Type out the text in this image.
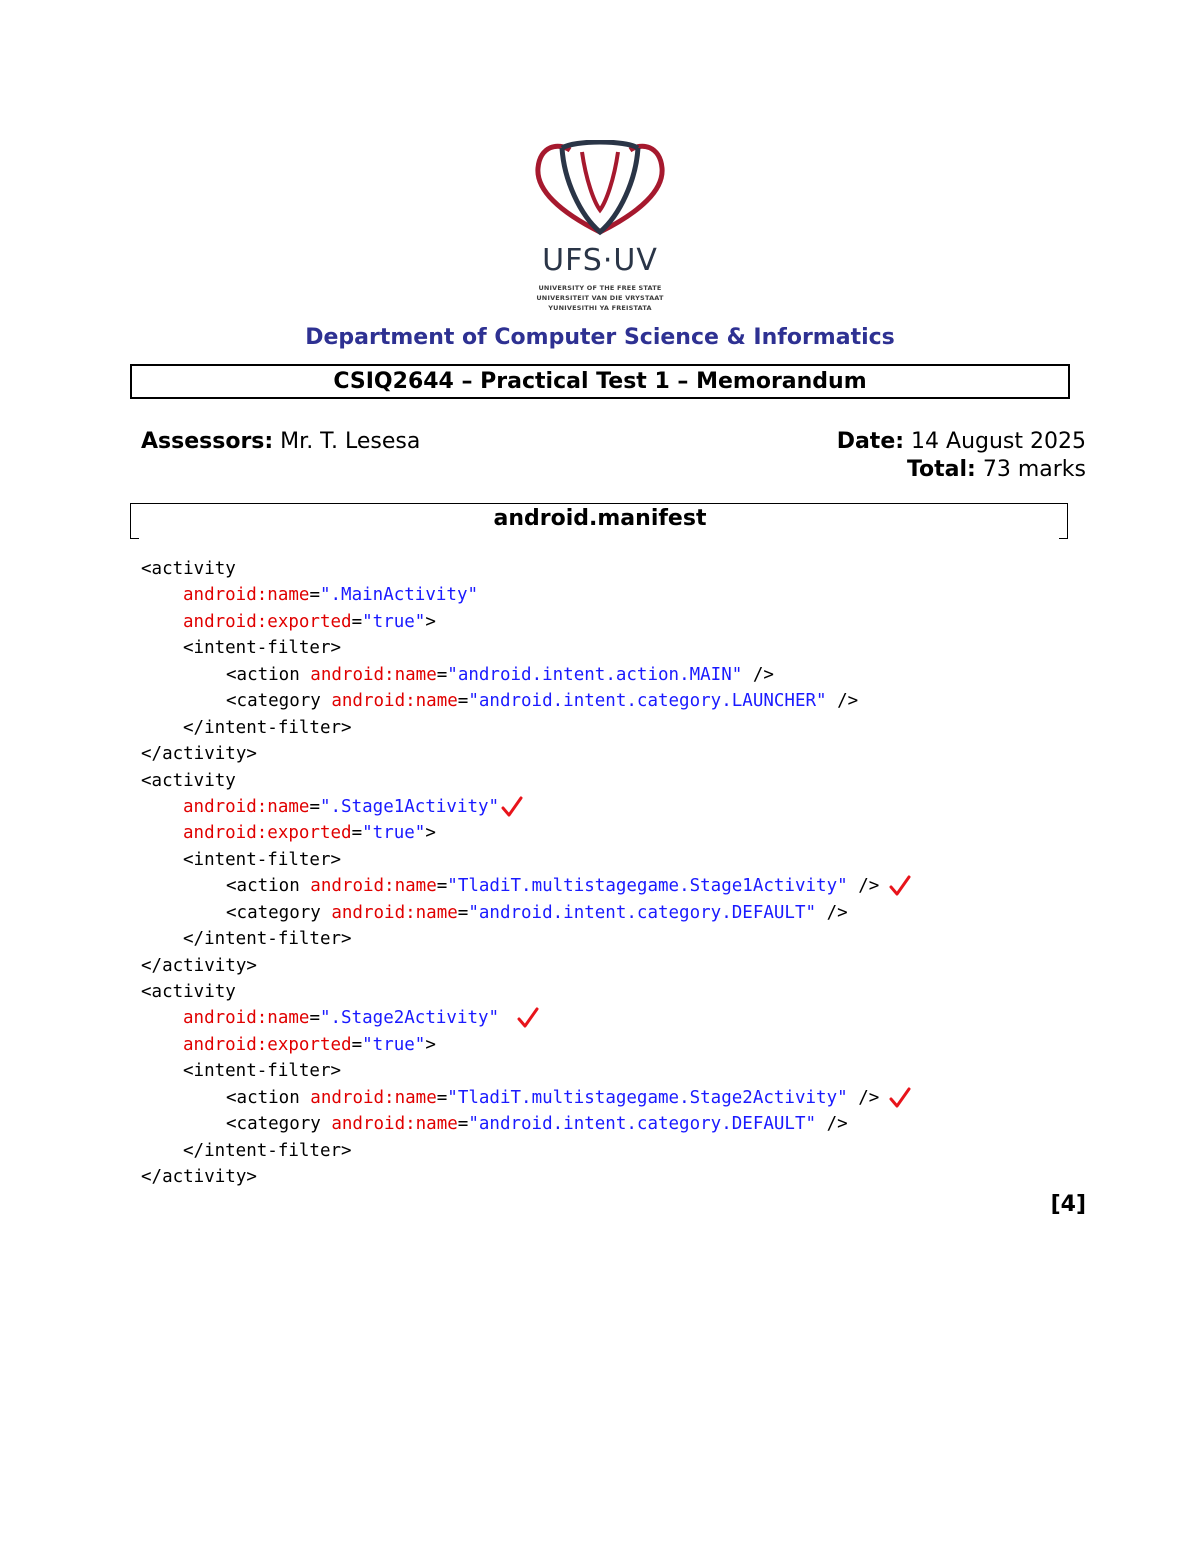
UFS·UV
UNIVERSITY OF THE FREE STATE
UNIVERSITEIT VAN DIE VRYSTAAT
YUNIVESITHI YA FREISTATA
Department of Computer Science & Informatics
CSIQ2644 – Practical Test 1 – Memorandum
Assessors: Mr. T. Lesesa	Date: 14 August 2025
Total: 73 marks
android.manifest
<activity
android:name=".MainActivity"
android:exported="true">
<intent-filter>
<action android:name="android.intent.action.MAIN" />
<category android:name="android.intent.category.LAUNCHER" />
</intent-filter>
</activity>
<activity
android:name=".Stage1Activity"
android:exported="true">
<intent-filter>
<action android:name="TladiT.multistagegame.Stage1Activity" />
<category android:name="android.intent.category.DEFAULT" />
</intent-filter>
</activity>
<activity
android:name=".Stage2Activity"
android:exported="true">
<intent-filter>
<action android:name="TladiT.multistagegame.Stage2Activity" />
<category android:name="android.intent.category.DEFAULT" />
</intent-filter>
</activity>
[4]
